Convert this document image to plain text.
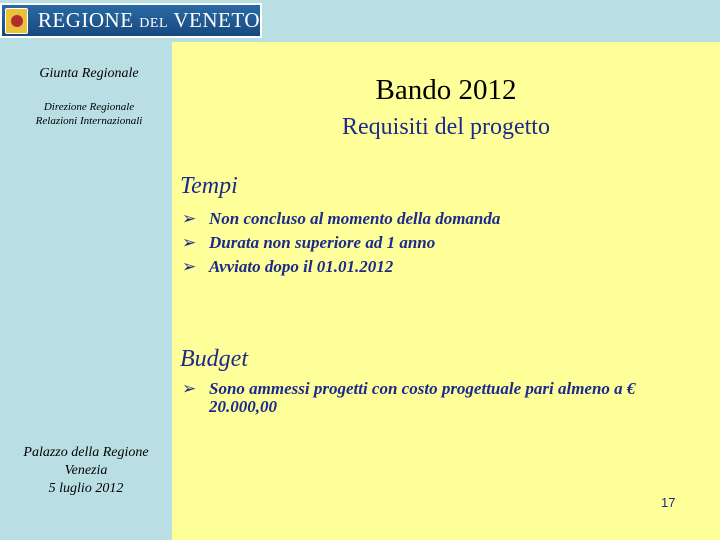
REGIONE DEL VENETO
Giunta Regionale
Direzione Regionale
Relazioni Internazionali
Palazzo della Regione
Venezia
5 luglio 2012
Bando 2012
Requisiti del progetto
Tempi
➢ Non concluso al momento della domanda
➢ Durata non superiore ad 1 anno
➢ Avviato dopo il 01.01.2012
Budget
➢ Sono ammessi progetti con costo progettuale pari almeno a € 20.000,00
17
